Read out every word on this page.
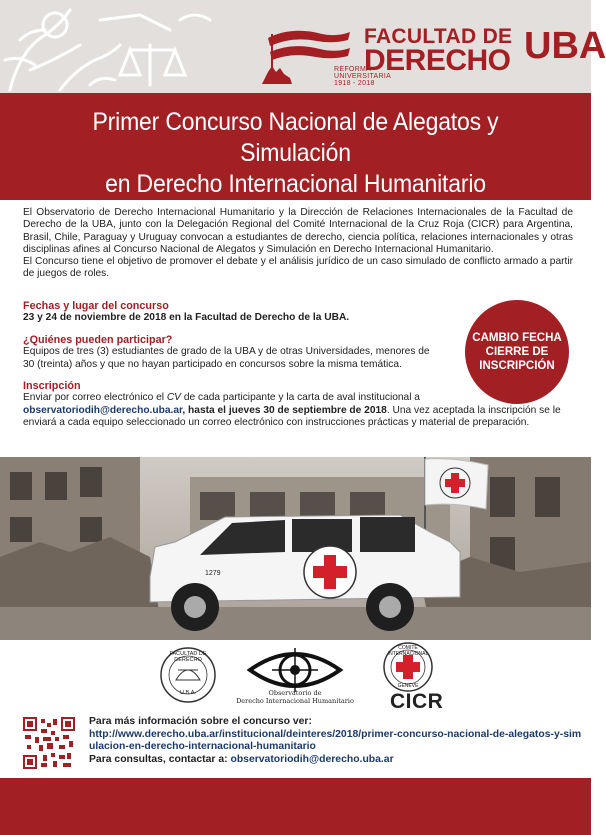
REFORMA
UNIVERSITARIA
1918 - 2018
FACULTAD DE
DERECHO UBA
Primer Concurso Nacional de Alegatos y Simulación
en Derecho Internacional Humanitario

El Observatorio de Derecho Internacional Humanitario y la Dirección de Relaciones Internacionales de la Facultad de Derecho de la UBA, junto con la Delegación Regional del Comité Internacional de la Cruz Roja (CICR) para Argentina, Brasil, Chile, Paraguay y Uruguay convocan a estudiantes de derecho, ciencia política, relaciones internacionales y otras disciplinas afines al Concurso Nacional de Alegatos y Simulación en Derecho Internacional Humanitario.

El Concurso tiene el objetivo de promover el debate y el análisis jurídico de un caso simulado de conflicto armado a partir de juegos de roles.

Fechas y lugar del concurso
23 y 24 de noviembre de 2018 en la Facultad de Derecho de la UBA.
¿Quiénes pueden participar?
Equipos de tres (3) estudiantes de grado de la UBA y de otras Universidades, menores de 30 (treinta) años y que no hayan participado en concursos sobre la misma temática.
Inscripción
Enviar por correo electrónico el CV de cada participante y la carta de aval institucional a observatoriodih@derecho.uba.ar, hasta el jueves 30 de septiembre de 2018. Una vez aceptada la inscripción se le enviará a cada equipo seleccionado un correo electrónico con instrucciones prácticas y material de preparación.
CAMBIO FECHA
CIERRE DE
INSCRIPCIÓN
1279
FACULTAD DE DERECHO
U.B.A.	Observatorio de
Derecho Internacional Humanitario
COMITE INTERNACIONAL
GENEVE
CICR
Para más información sobre el concurso ver:
http://www.derecho.uba.ar/institucional/deinteres/2018/primer-concurso-nacional-de-alegatos-y-simulacion-en-derecho-internacional-humanitario
Para consultas, contactar a: observatoriodih@derecho.uba.ar
